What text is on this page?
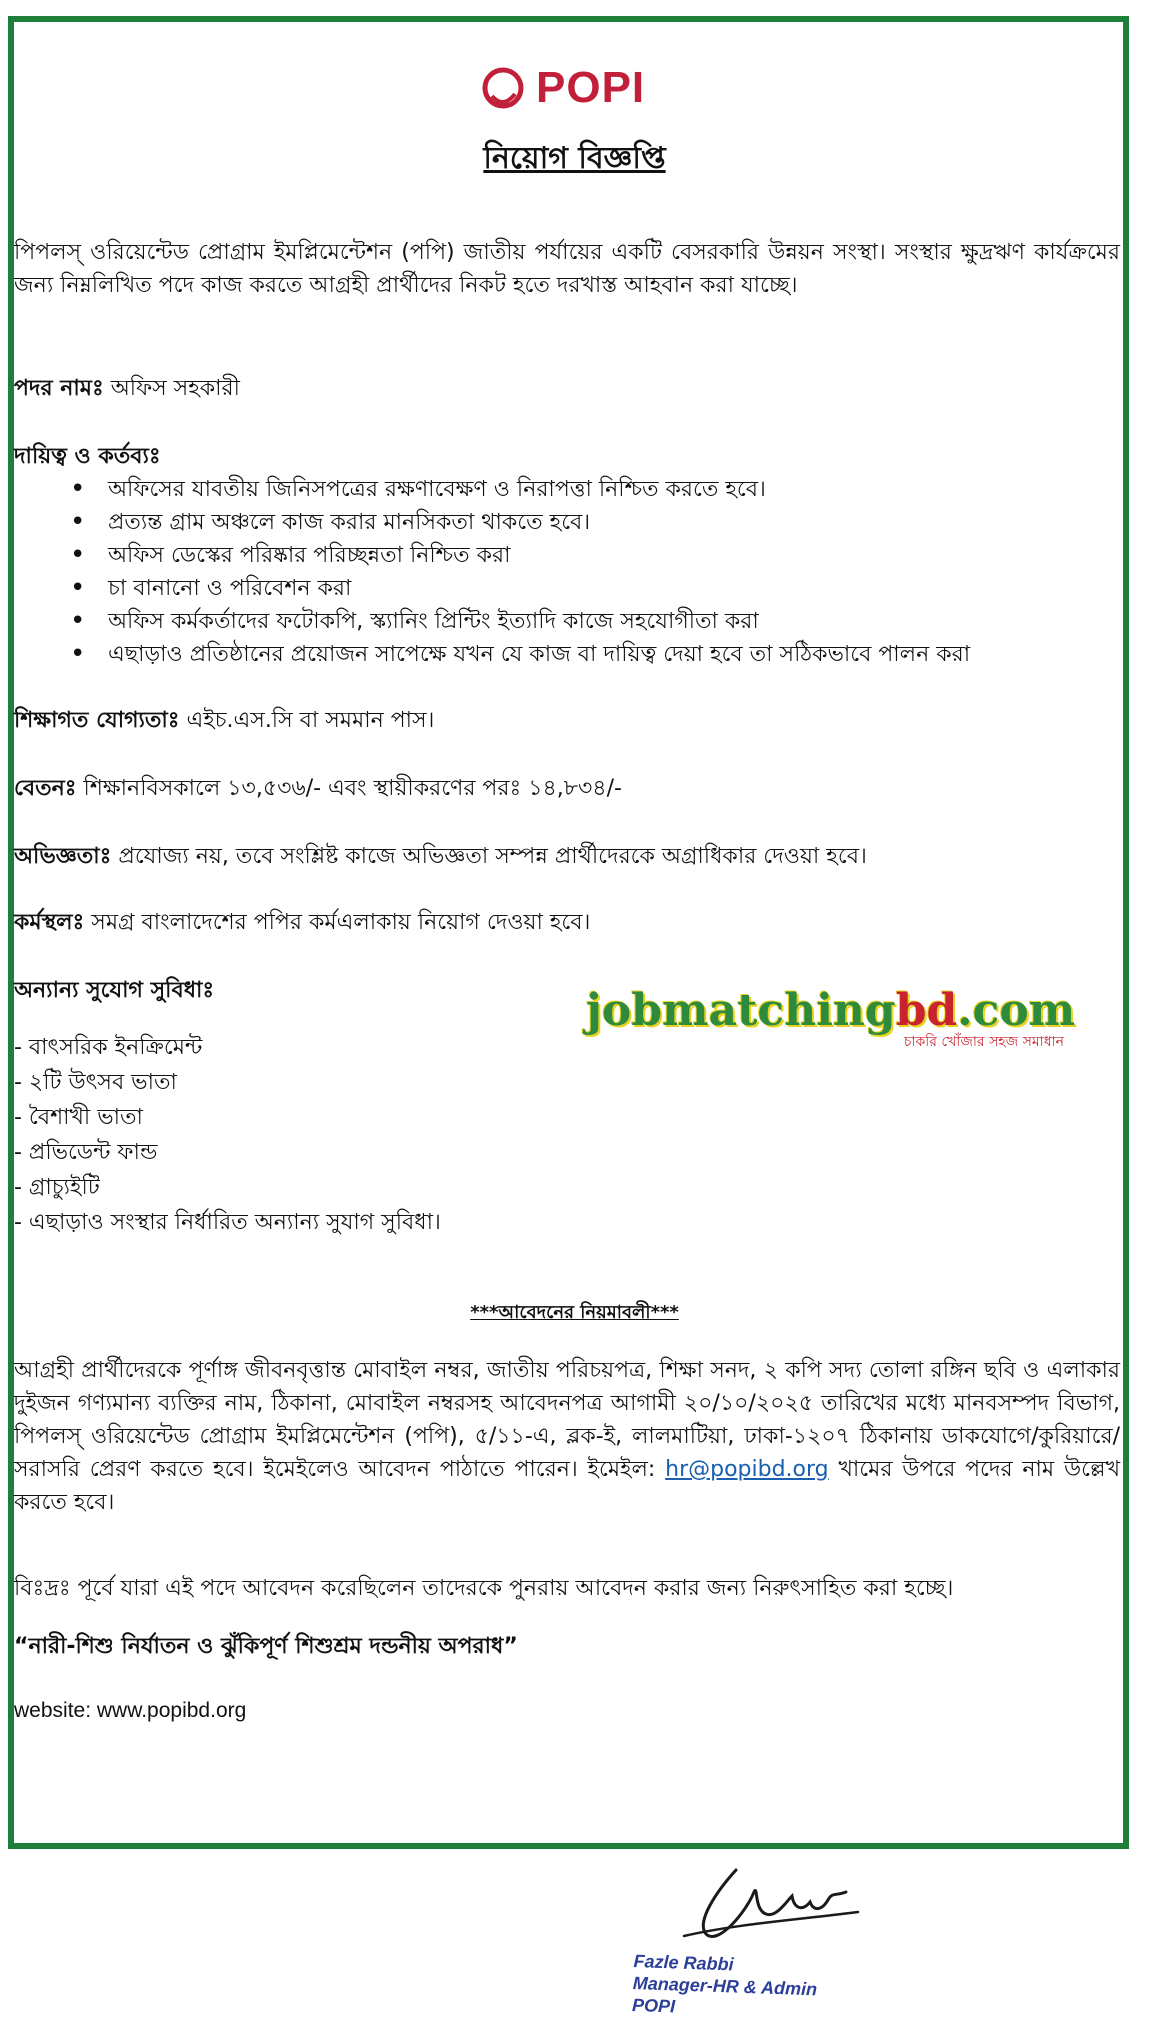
POPI
নিয়োগ বিজ্ঞপ্তি
পিপলস্ ওরিয়েন্টেড প্রোগ্রাম ইমপ্লিমেন্টেশন (পপি) জাতীয় পর্যায়ের একটি বেসরকারি উন্নয়ন সংস্থা। সংস্থার ক্ষুদ্রঋণ কার্যক্রমের জন্য নিম্নলিখিত পদে কাজ করতে আগ্রহী প্রার্থীদের নিকট হতে দরখাস্ত আহবান করা যাচ্ছে।
পদর নামঃ অফিস সহকারী
দায়িত্ব ও কর্তব্যঃ
• অফিসের যাবতীয় জিনিসপত্রের রক্ষণাবেক্ষণ ও নিরাপত্তা নিশ্চিত করতে হবে।
• প্রত্যন্ত গ্রাম অঞ্চলে কাজ করার মানসিকতা থাকতে হবে।
• অফিস ডেস্কের পরিষ্কার পরিচ্ছন্নতা নিশ্চিত করা
• চা বানানো ও পরিবেশন করা
• অফিস কর্মকর্তাদের ফটোকপি, স্ক্যানিং প্রিন্টিং ইত্যাদি কাজে সহযোগীতা করা
• এছাড়াও প্রতিষ্ঠানের প্রয়োজন সাপেক্ষে যখন যে কাজ বা দায়িত্ব দেয়া হবে তা সঠিকভাবে পালন করা
শিক্ষাগত যোগ্যতাঃ এইচ.এস.সি বা সমমান পাস।
বেতনঃ শিক্ষানবিসকালে ১৩,৫৩৬/- এবং স্থায়ীকরণের পরঃ ১৪,৮৩৪/-
অভিজ্ঞতাঃ প্রযোজ্য নয়, তবে সংশ্লিষ্ট কাজে অভিজ্ঞতা সম্পন্ন প্রার্থীদেরকে অগ্রাধিকার দেওয়া হবে।
কর্মস্থলঃ সমগ্র বাংলাদেশের পপির কর্মএলাকায় নিয়োগ দেওয়া হবে।
অন্যান্য সুযোগ সুবিধাঃ
- বাৎসরিক ইনক্রিমেন্ট
- ২টি উৎসব ভাতা
- বৈশাখী ভাতা
- প্রভিডেন্ট ফান্ড
- গ্রাচ্যুইটি
- এছাড়াও সংস্থার নির্ধারিত অন্যান্য সুযাগ সুবিধা।
jobmatchingbd.com
চাকরি খোঁজার সহজ সমাধান
***আবেদনের নিয়মাবলী***
আগ্রহী প্রার্থীদেরকে পূর্ণাঙ্গ জীবনবৃত্তান্ত মোবাইল নম্বর, জাতীয় পরিচয়পত্র, শিক্ষা সনদ, ২ কপি সদ্য তোলা রঙ্গিন ছবি ও এলাকার দুইজন গণ্যমান্য ব্যক্তির নাম, ঠিকানা, মোবাইল নম্বরসহ আবেদনপত্র আগামী ২০/১০/২০২৫ তারিখের মধ্যে মানবসম্পদ বিভাগ, পিপলস্ ওরিয়েন্টেড প্রোগ্রাম ইমপ্লিমেন্টেশন (পপি), ৫/১১-এ, ব্লক-ই, লালমাটিয়া, ঢাকা-১২০৭ ঠিকানায় ডাকযোগে/কুরিয়ারে/সরাসরি প্রেরণ করতে হবে। ইমেইলেও আবেদন পাঠাতে পারেন। ইমেইল: hr@popibd.org খামের উপরে পদের নাম উল্লেখ করতে হবে।
বিঃদ্রঃ পূর্বে যারা এই পদে আবেদন করেছিলেন তাদেরকে পুনরায় আবেদন করার জন্য নিরুৎসাহিত করা হচ্ছে।
“নারী-শিশু নির্যাতন ও ঝুঁকিপূর্ণ শিশুশ্রম দন্ডনীয় অপরাধ”
website: www.popibd.org
Fazle Rabbi
Manager-HR & Admin
POPI
